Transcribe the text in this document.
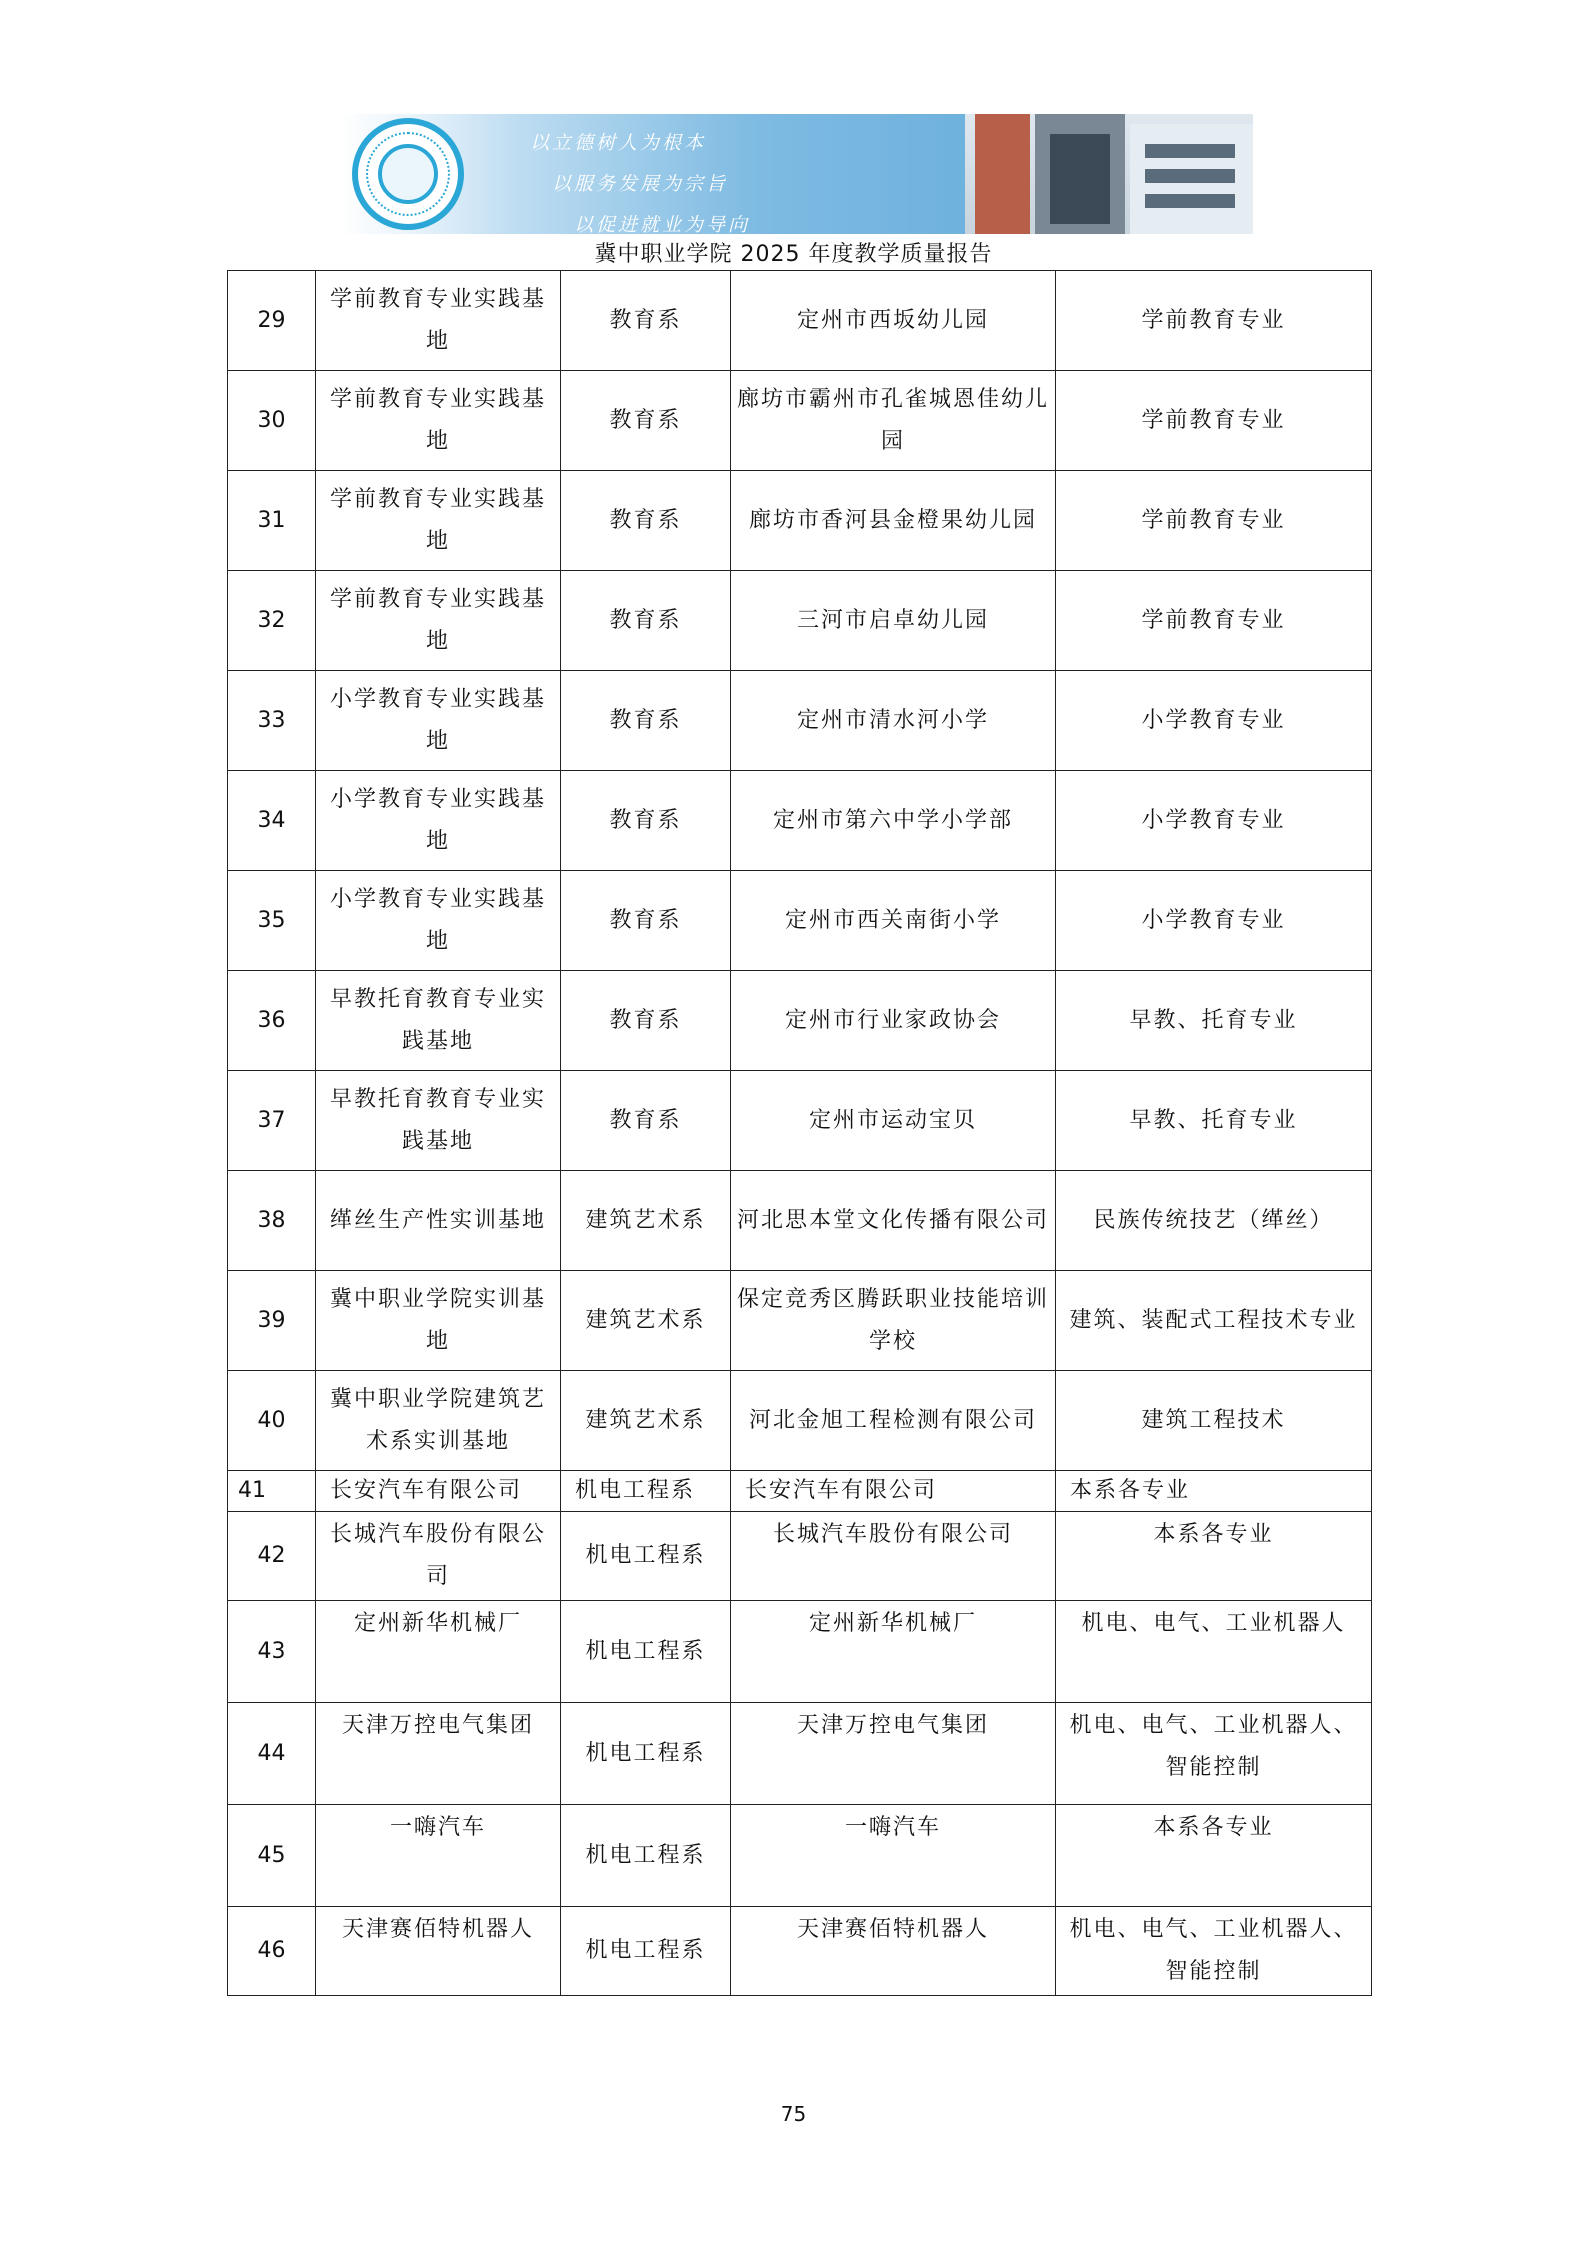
以立德树人为根本
以服务发展为宗旨
以促进就业为导向
冀中职业学院 2025 年度教学质量报告
29	学前教育专业实践基地	教育系	定州市西坂幼儿园	学前教育专业
30	学前教育专业实践基地	教育系	廊坊市霸州市孔雀城恩佳幼儿园	学前教育专业
31	学前教育专业实践基地	教育系	廊坊市香河县金橙果幼儿园	学前教育专业
32	学前教育专业实践基地	教育系	三河市启卓幼儿园	学前教育专业
33	小学教育专业实践基地	教育系	定州市清水河小学	小学教育专业
34	小学教育专业实践基地	教育系	定州市第六中学小学部	小学教育专业
35	小学教育专业实践基地	教育系	定州市西关南街小学	小学教育专业
36	早教托育教育专业实践基地	教育系	定州市行业家政协会	早教、托育专业
37	早教托育教育专业实践基地	教育系	定州市运动宝贝	早教、托育专业
38	缂丝生产性实训基地	建筑艺术系	河北思本堂文化传播有限公司	民族传统技艺（缂丝）
39	冀中职业学院实训基地	建筑艺术系	保定竞秀区腾跃职业技能培训学校	建筑、装配式工程技术专业
40	冀中职业学院建筑艺术系实训基地	建筑艺术系	河北金旭工程检测有限公司	建筑工程技术
41	长安汽车有限公司	机电工程系	长安汽车有限公司	本系各专业
42	长城汽车股份有限公司	机电工程系	长城汽车股份有限公司	本系各专业
43	定州新华机械厂	机电工程系	定州新华机械厂	机电、电气、工业机器人
44	天津万控电气集团	机电工程系	天津万控电气集团	机电、电气、工业机器人、智能控制
45	一嗨汽车	机电工程系	一嗨汽车	本系各专业
46	天津赛佰特机器人	机电工程系	天津赛佰特机器人	机电、电气、工业机器人、智能控制
75
